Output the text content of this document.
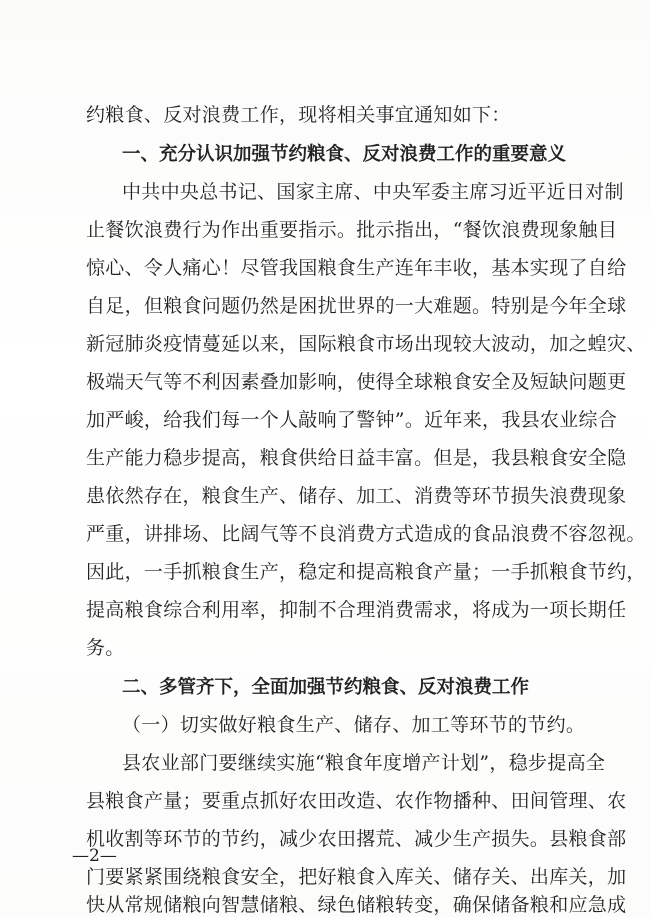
约粮食、反对浪费工作，现将相关事宜通知如下：
一、充分认识加强节约粮食、反对浪费工作的重要意义
中共中央总书记、国家主席、中央军委主席习近平近日对制
止餐饮浪费行为作出重要指示。批示指出，“餐饮浪费现象触目
惊心、令人痛心！尽管我国粮食生产连年丰收，基本实现了自给
自足，但粮食问题仍然是困扰世界的一大难题。特别是今年全球
新冠肺炎疫情蔓延以来，国际粮食市场出现较大波动，加之蝗灾、
极端天气等不利因素叠加影响，使得全球粮食安全及短缺问题更
加严峻，给我们每一个人敲响了警钟”。近年来，我县农业综合
生产能力稳步提高，粮食供给日益丰富。但是，我县粮食安全隐
患依然存在，粮食生产、储存、加工、消费等环节损失浪费现象
严重，讲排场、比阔气等不良消费方式造成的食品浪费不容忽视。
因此，一手抓粮食生产，稳定和提高粮食产量；一手抓粮食节约，
提高粮食综合利用率，抑制不合理消费需求，将成为一项长期任
务。
二、多管齐下，全面加强节约粮食、反对浪费工作
（一）切实做好粮食生产、储存、加工等环节的节约。
县农业部门要继续实施“粮食年度增产计划”，稳步提高全
县粮食产量；要重点抓好农田改造、农作物播种、田间管理、农
机收割等环节的节约，减少农田撂荒、减少生产损失。县粮食部
门要紧紧围绕粮食安全，把好粮食入库关、储存关、出库关，加
快从常规储粮向智慧储粮、绿色储粮转变，确保储备粮和应急成
—2—
